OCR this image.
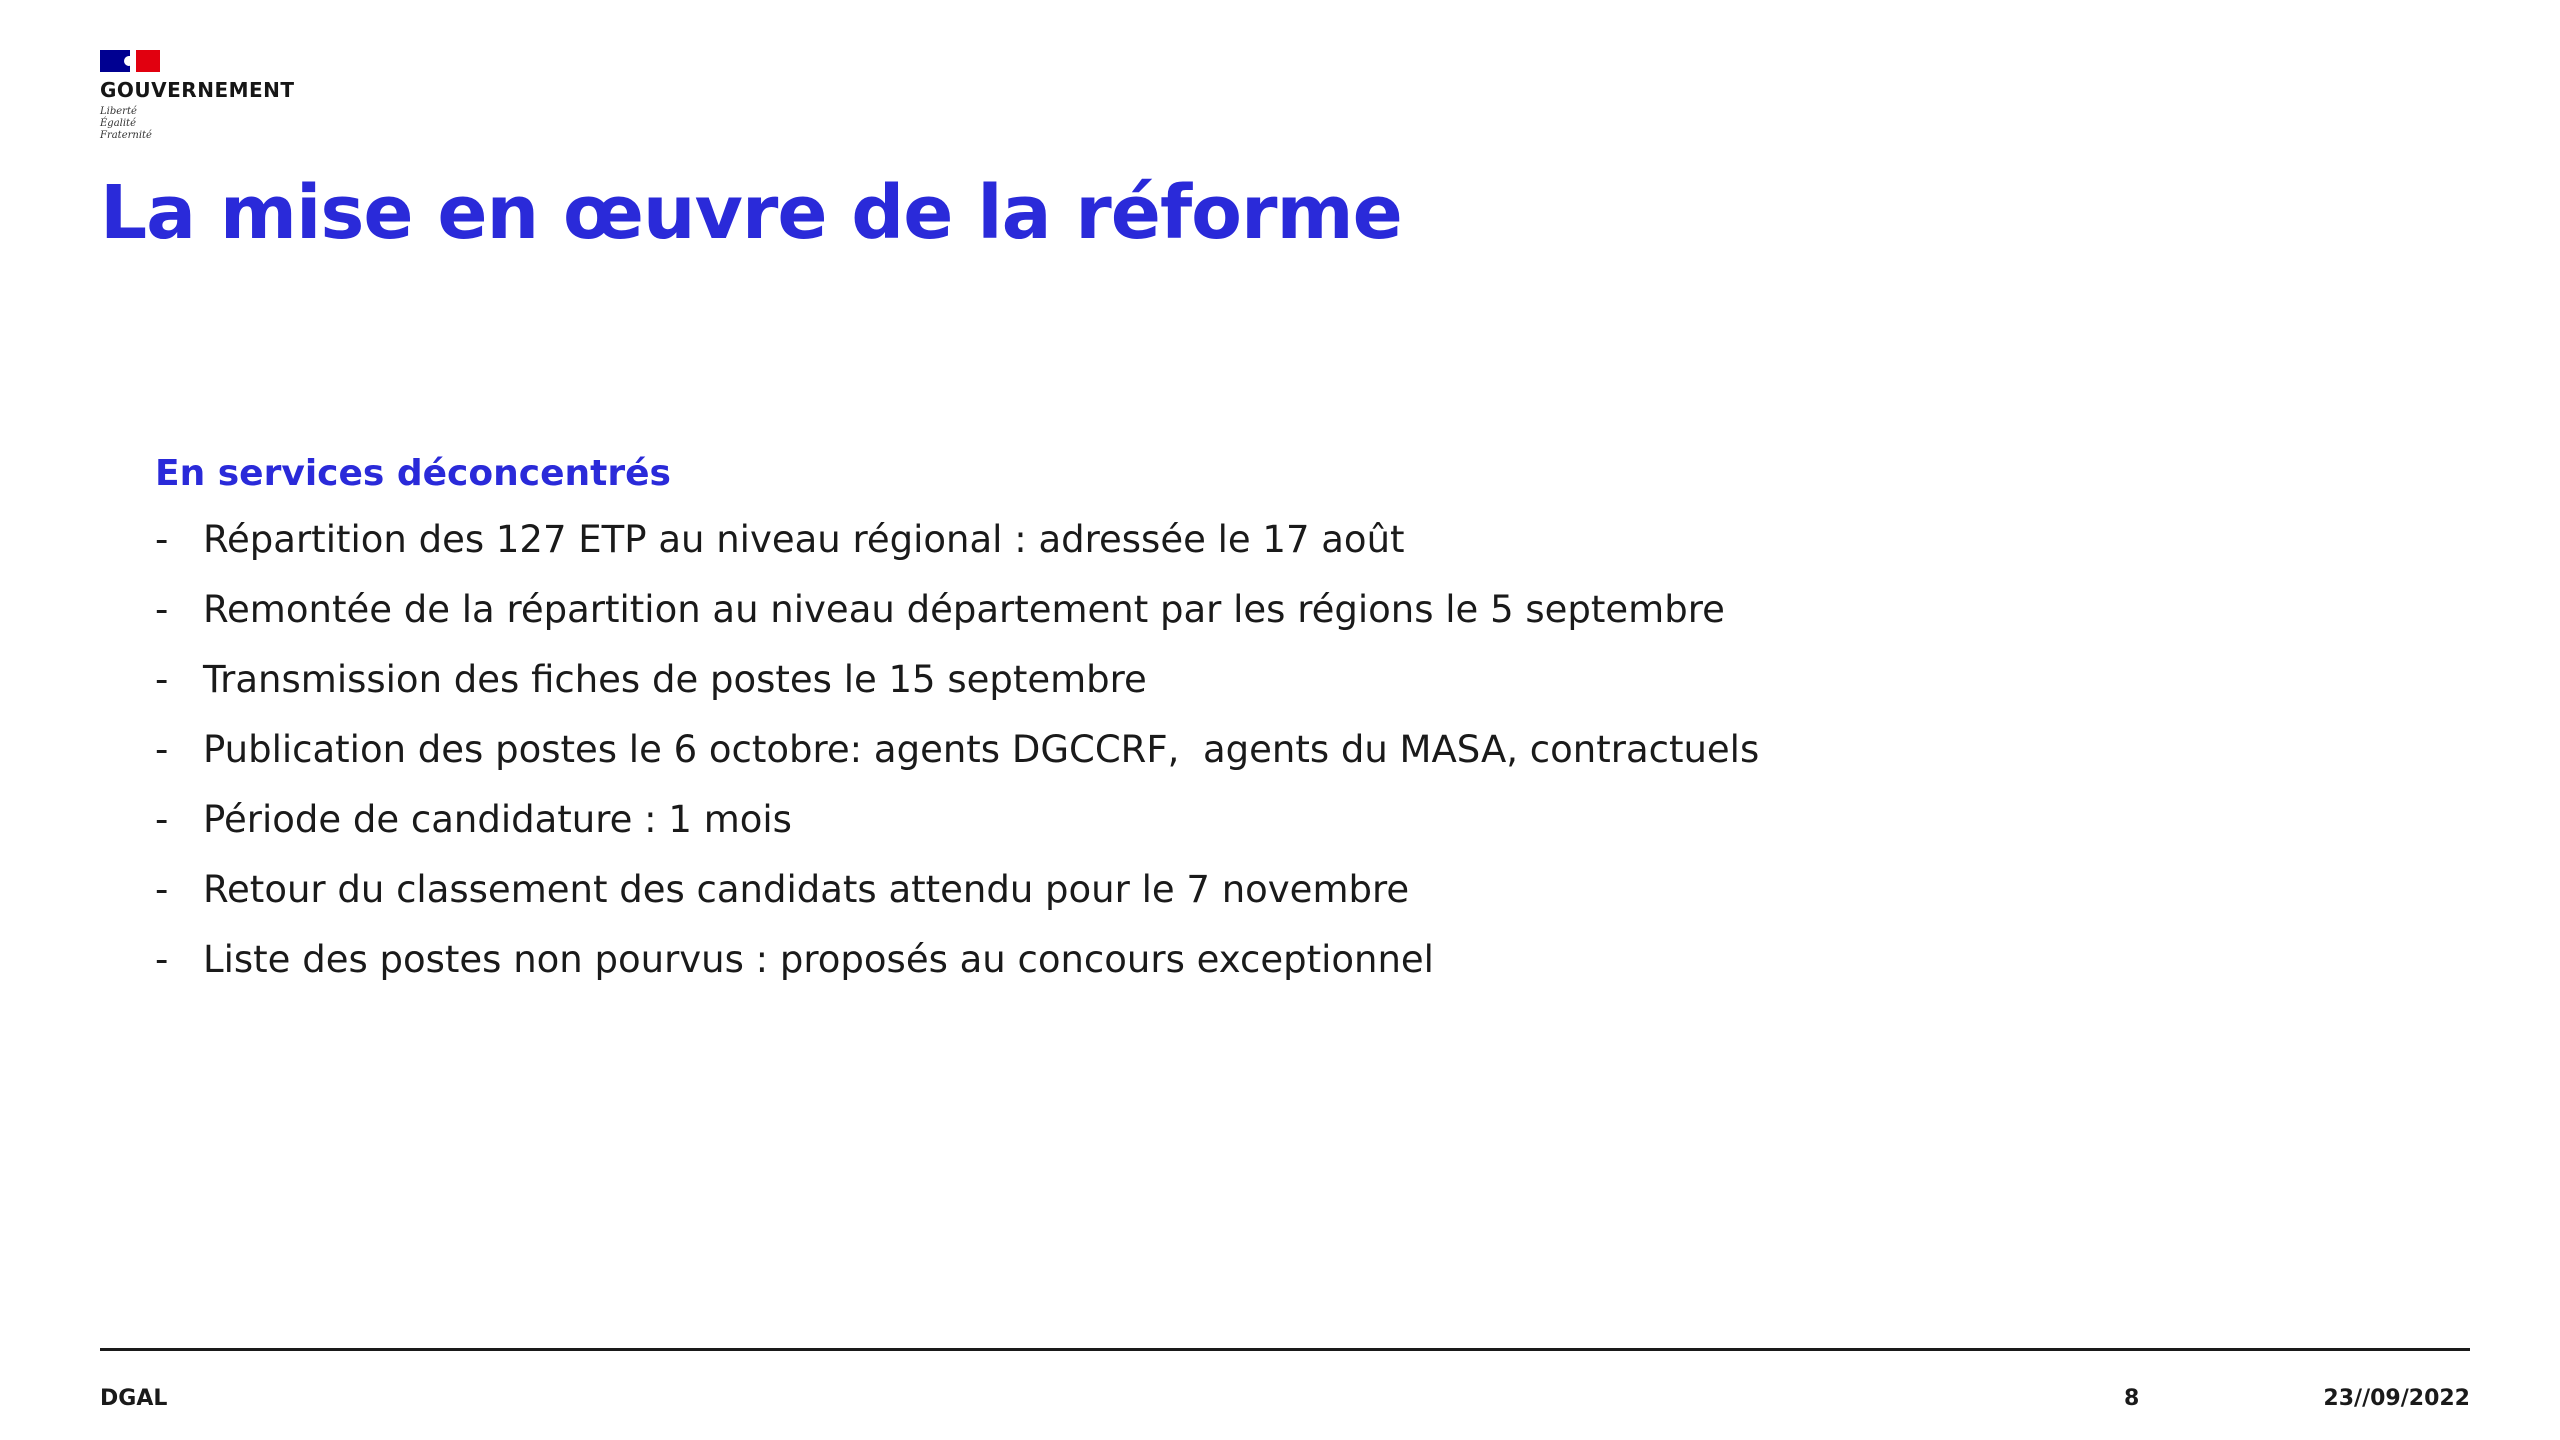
GOUVERNEMENT
Liberté
Égalité
Fraternité
La mise en œuvre de la réforme
En services déconcentrés
- Répartition des 127 ETP au niveau régional : adressée le 17 août
- Remontée de la répartition au niveau département par les régions le 5 septembre
- Transmission des fiches de postes le 15 septembre
- Publication des postes le 6 octobre: agents DGCCRF,  agents du MASA, contractuels
- Période de candidature : 1 mois
- Retour du classement des candidats attendu pour le 7 novembre
- Liste des postes non pourvus : proposés au concours exceptionnel
DGAL	8	23//09/2022
